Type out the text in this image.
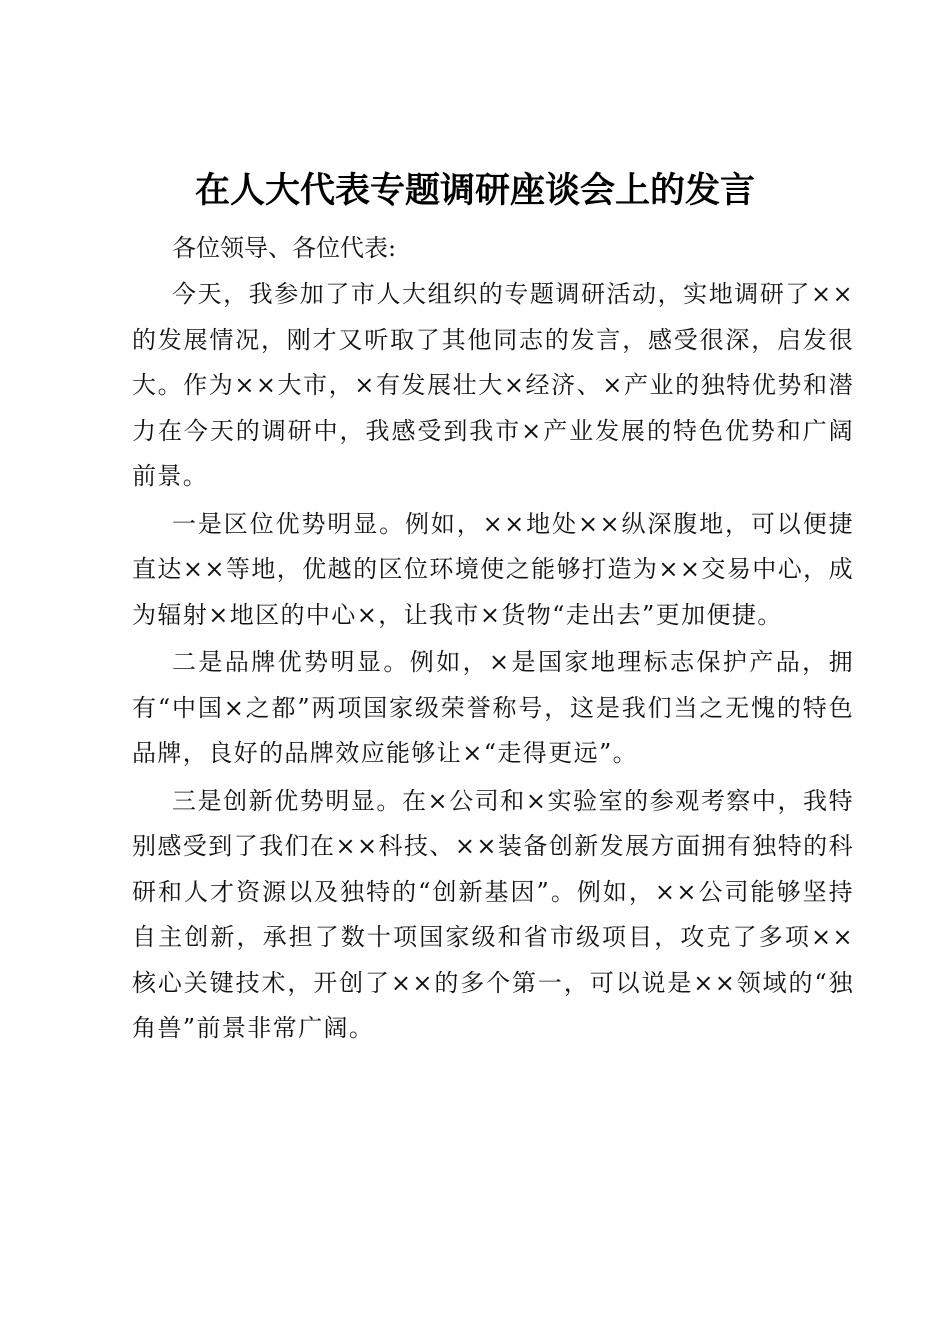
在人大代表专题调研座谈会上的发言

各位领导、各位代表:

今天，我参加了市人大组织的专题调研活动，实地调研了××的发展情况，刚才又听取了其他同志的发言，感受很深，启发很大。作为××大市，×有发展壮大×经济、×产业的独特优势和潜力在今天的调研中，我感受到我市×产业发展的特色优势和广阔前景。

一是区位优势明显。例如，××地处××纵深腹地，可以便捷直达××等地，优越的区位环境使之能够打造为××交易中心，成为辐射×地区的中心×，让我市×货物“走出去”更加便捷。

二是品牌优势明显。例如，×是国家地理标志保护产品，拥有“中国×之都”两项国家级荣誉称号，这是我们当之无愧的特色品牌，良好的品牌效应能够让×“走得更远”。

三是创新优势明显。在×公司和×实验室的参观考察中，我特别感受到了我们在××科技、××装备创新发展方面拥有独特的科研和人才资源以及独特的“创新基因”。例如，××公司能够坚持自主创新，承担了数十项国家级和省市级项目，攻克了多项××核心关键技术，开创了××的多个第一，可以说是××领域的“独角兽”前景非常广阔。
